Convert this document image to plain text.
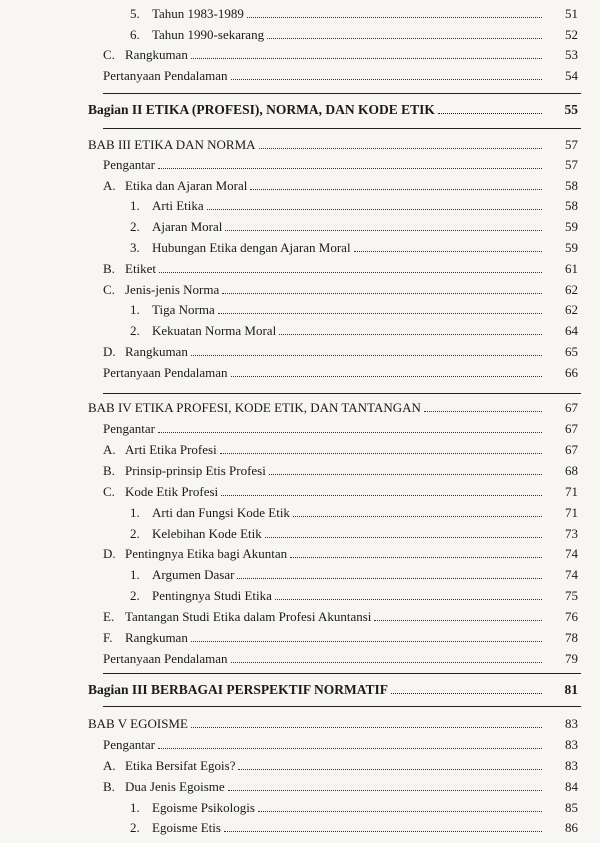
5. Tahun 1983-1989	51
6. Tahun 1990-sekarang	52
C. Rangkuman	53
Pertanyaan Pendalaman	54
Bagian II ETIKA (PROFESI), NORMA, DAN KODE ETIK	55
BAB III ETIKA DAN NORMA	57
Pengantar	57
A. Etika dan Ajaran Moral	58
1. Arti Etika	58
2. Ajaran Moral	59
3. Hubungan Etika dengan Ajaran Moral	59
B. Etiket	61
C. Jenis-jenis Norma	62
1. Tiga Norma	62
2. Kekuatan Norma Moral	64
D. Rangkuman	65
Pertanyaan Pendalaman	66
BAB IV ETIKA PROFESI, KODE ETIK, DAN TANTANGAN	67
Pengantar	67
A. Arti Etika Profesi	67
B. Prinsip-prinsip Etis Profesi	68
C. Kode Etik Profesi	71
1. Arti dan Fungsi Kode Etik	71
2. Kelebihan Kode Etik	73
D. Pentingnya Etika bagi Akuntan	74
1. Argumen Dasar	74
2. Pentingnya Studi Etika	75
E. Tantangan Studi Etika dalam Profesi Akuntansi	76
F. Rangkuman	78
Pertanyaan Pendalaman	79
Bagian III BERBAGAI PERSPEKTIF NORMATIF	81
BAB V EGOISME	83
Pengantar	83
A. Etika Bersifat Egois?	83
B. Dua Jenis Egoisme	84
1. Egoisme Psikologis	85
2. Egoisme Etis	86
